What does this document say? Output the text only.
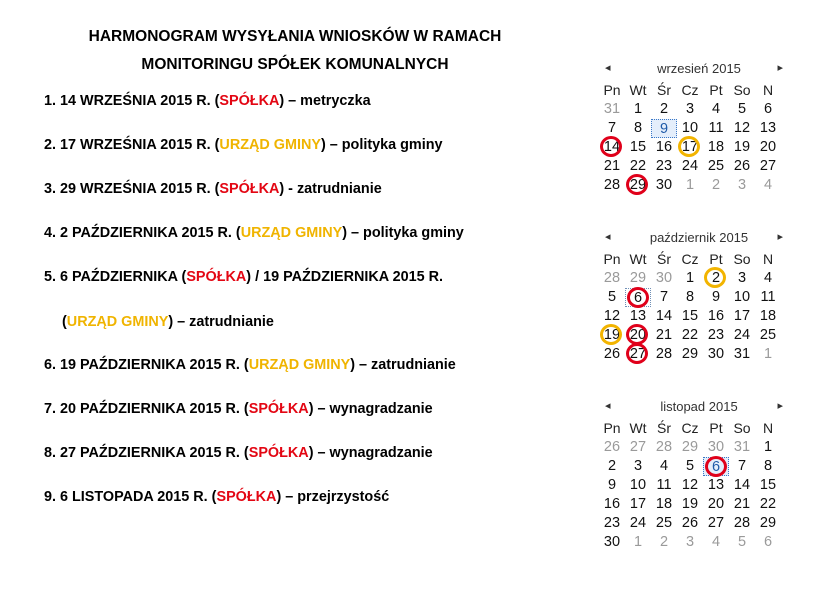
HARMONOGRAM WYSYŁANIA WNIOSKÓW W RAMACH
MONITORINGU SPÓŁEK KOMUNALNYCH
1. 14 WRZEŚNIA 2015 R. (SPÓŁKA) – metryczka
2. 17 WRZEŚNIA 2015 R. (URZĄD GMINY) – polityka gminy
3. 29 WRZEŚNIA 2015 R. (SPÓŁKA) - zatrudnianie
4. 2 PAŹDZIERNIKA 2015 R. (URZĄD GMINY) – polityka gminy
5. 6 PAŹDZIERNIKA (SPÓŁKA) / 19 PAŹDZIERNIKA 2015 R.
(URZĄD GMINY) – zatrudnianie
6. 19 PAŹDZIERNIKA 2015 R. (URZĄD GMINY) – zatrudnianie
7. 20 PAŹDZIERNIKA 2015 R. (SPÓŁKA) – wynagradzanie
8. 27 PAŹDZIERNIKA 2015 R. (SPÓŁKA) – wynagradzanie
9. 6 LISTOPADA 2015 R. (SPÓŁKA) – przejrzystość
◂	wrzesień 2015	▸
Pn Wt Śr Cz Pt So N
31 1	2	3	4	5	6
7	8	9 10 11 12 13
14 15 16 17 18 19 20
21 22 23 24 25 26 27
28 29 30 1	2	3	4
◂	październik 2015	▸
Pn Wt Śr Cz Pt So N
28 29 30 1	2	3	4
5	6	7	8	9 10 11
12 13 14 15 16 17 18
19 20 21 22 23 24 25
26 27 28 29 30 31 1
◂	listopad 2015	▸
Pn Wt Śr Cz Pt So N
26 27 28 29 30 31 1
2	3	4	5	6	7	8
9 10 11 12 13 14 15
16 17 18 19 20 21 22
23 24 25 26 27 28 29
30 1	2	3	4	5	6
